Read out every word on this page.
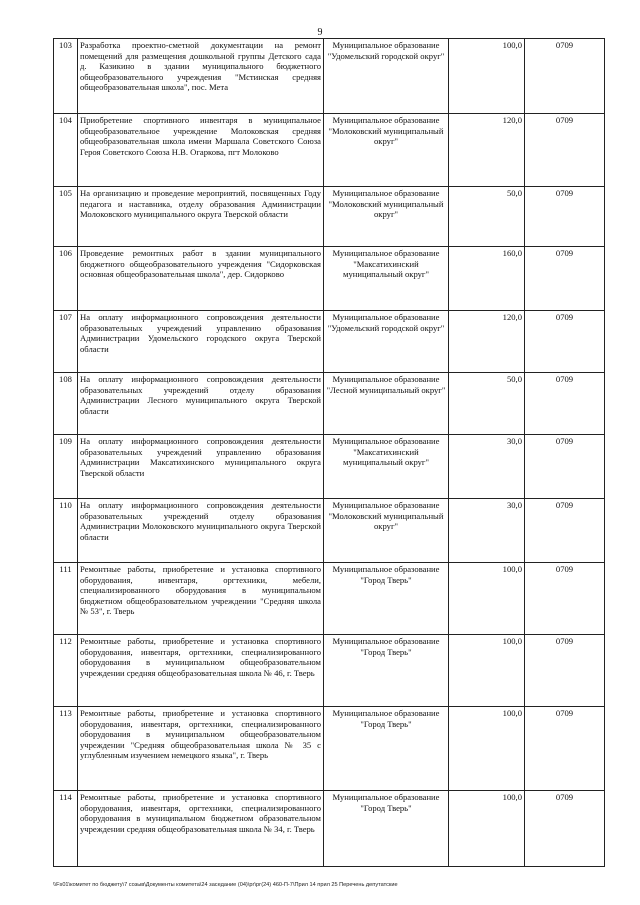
9
103	Разработка проектно-сметной документации на ремонт помещений для размещения дошкольной группы Детского сада д. Казикино в здании муниципального бюджетного общеобразовательного учреждения "Мстинская средняя общеобразовательная школа", пос. Мета	Муниципальное образование "Удомельский городской округ"	100,0	0709
104	Приобретение спортивного инвентаря в муниципальное общеобразовательное учреждение Молоковская средняя общеобразовательная школа имени Маршала Советского Союза Героя Советского Союза Н.В. Огаркова, пгт Молоково	Муниципальное образование "Молоковский муниципальный округ"	120,0	0709
105	На организацию и проведение мероприятий, посвященных Году педагога и наставника, отделу образования Администрации Молоковского муниципального округа Тверской области	Муниципальное образование "Молоковский муниципальный округ"	50,0	0709
106	Проведение ремонтных работ в здании муниципального бюджетного общеобразовательного учреждения "Сидорковская основная общеобразовательная школа", дер. Сидорково	Муниципальное образование "Максатихинский муниципальный округ"	160,0	0709
107	На оплату информационного сопровождения деятельности образовательных учреждений управлению образования Администрации Удомельского городского округа Тверской области	Муниципальное образование "Удомельский городской округ"	120,0	0709
108	На оплату информационного сопровождения деятельности образовательных учреждений отделу образования Администрации Лесного муниципального округа Тверской области	Муниципальное образование "Лесной муниципальный округ"	50,0	0709
109	На оплату информационного сопровождения деятельности образовательных учреждений управлению образования Администрации Максатихинского муниципального округа Тверской области	Муниципальное образование "Максатихинский муниципальный округ"	30,0	0709
110	На оплату информационного сопровождения деятельности образовательных учреждений отделу образования Администрации Молоковского муниципального округа Тверской области	Муниципальное образование "Молоковский муниципальный округ"	30,0	0709
111	Ремонтные работы, приобретение и установка спортивного оборудования, инвентаря, оргтехники, мебели, специализированного оборудования в муниципальном бюджетном общеобразовательном учреждении "Средняя школа № 53", г. Тверь	Муниципальное образование "Город Тверь"	100,0	0709
112	Ремонтные работы, приобретение и установка спортивного оборудования, инвентаря, оргтехники, специализированного оборудования в муниципальном общеобразовательном учреждении средняя общеобразовательная школа № 46, г. Тверь	Муниципальное образование "Город Тверь"	100,0	0709
113	Ремонтные работы, приобретение и установка спортивного оборудования, инвентаря, оргтехники, специализированного оборудования в муниципальном общеобразовательном учреждении "Средняя общеобразовательная школа № 35 с углубленным изучением немецкого языка", г. Тверь	Муниципальное образование "Город Тверь"	100,0	0709
114	Ремонтные работы, приобретение и установка спортивного оборудования, инвентаря, оргтехники, специализированного оборудования в муниципальном бюджетном образовательном учреждении средняя общеобразовательная школа № 34, г. Тверь	Муниципальное образование "Город Тверь"	100,0	0709
\\Fs01\комитет по бюджету\7 созыв\Документы комитета\24 заседание (04)\рг\рг(24) 460-П-7\Прил 14 прил 25 Перечень депутатские
